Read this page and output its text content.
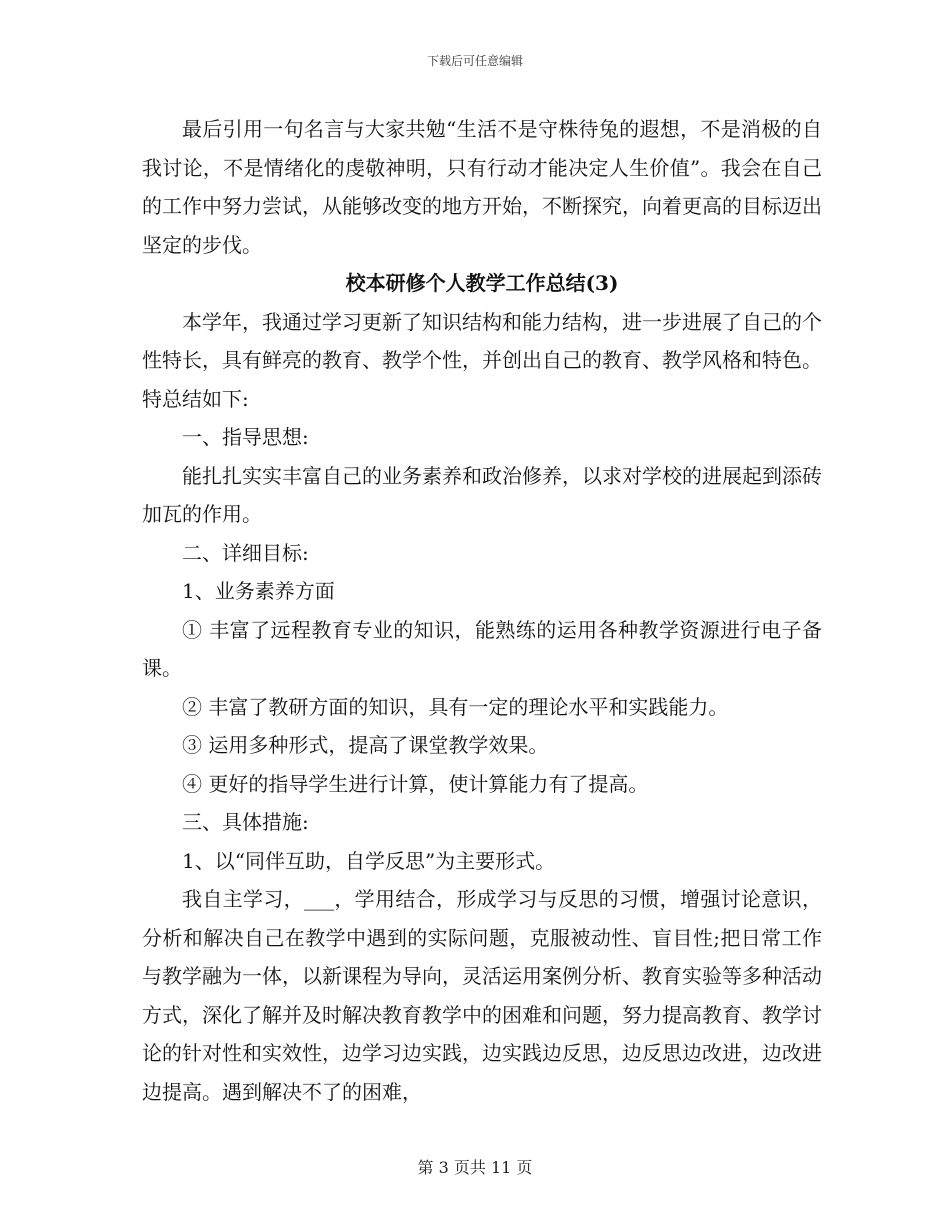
下载后可任意编辑

最后引用一句名言与大家共勉“生活不是守株待兔的遐想，不是消极的自我讨论，不是情绪化的虔敬神明，只有行动才能决定人生价值”。我会在自己的工作中努力尝试，从能够改变的地方开始，不断探究，向着更高的目标迈出坚定的步伐。

校本研修个人教学工作总结(3)

本学年，我通过学习更新了知识结构和能力结构，进一步进展了自己的个性特长，具有鲜亮的教育、教学个性，并创出自己的教育、教学风格和特色。特总结如下:

一、指导思想:

能扎扎实实丰富自己的业务素养和政治修养，以求对学校的进展起到添砖加瓦的作用。

二、详细目标:

1、业务素养方面

① 丰富了远程教育专业的知识，能熟练的运用各种教学资源进行电子备课。

② 丰富了教研方面的知识，具有一定的理论水平和实践能力。

③ 运用多种形式，提高了课堂教学效果。

④ 更好的指导学生进行计算，使计算能力有了提高。

三、具体措施:

1、以“同伴互助，自学反思”为主要形式。

我自主学习，___，学用结合，形成学习与反思的习惯，增强讨论意识，分析和解决自己在教学中遇到的实际问题，克服被动性、盲目性;把日常工作与教学融为一体，以新课程为导向，灵活运用案例分析、教育实验等多种活动方式，深化了解并及时解决教育教学中的困难和问题，努力提高教育、教学讨论的针对性和实效性，边学习边实践，边实践边反思，边反思边改进，边改进边提高。遇到解决不了的困难，

第 3 页共 11 页
